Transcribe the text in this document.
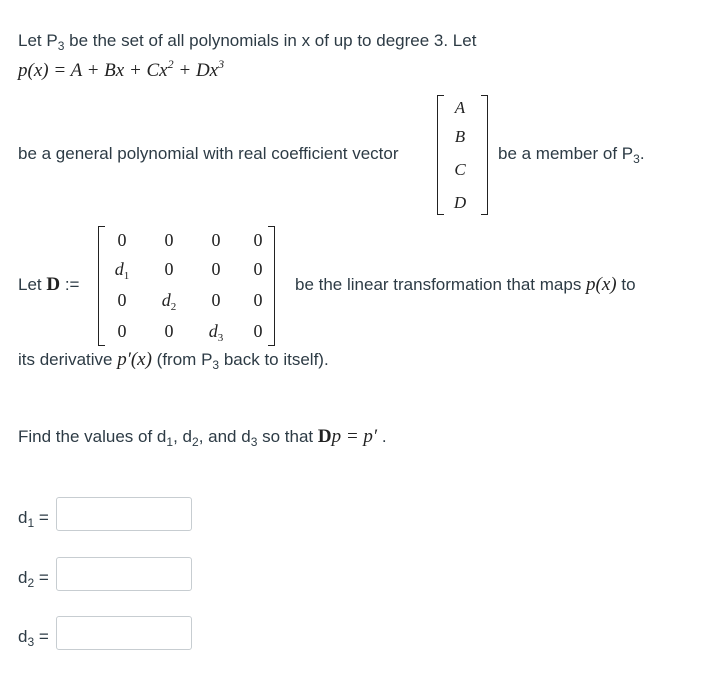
Let $P_3$ be the set of all polynomials in x of up to degree 3. Let
$p(x) = A + Bx + Cx^2 + Dx^3$
be a general polynomial with real coefficient vector
A
B
C
D
be a member of $P_3$.
Let D :=
0	0	0	0
$d_1$	0	0	0
0	$d_2$	0	0
0	0	$d_3$	0
be the linear transformation that maps p(x) to
its derivative p′(x) (from $P_3$ back to itself).
Find the values of $d_1$, $d_2$, and $d_3$ so that Dp = p′ .
$d_1$ =
$d_2$ =
$d_3$ =
